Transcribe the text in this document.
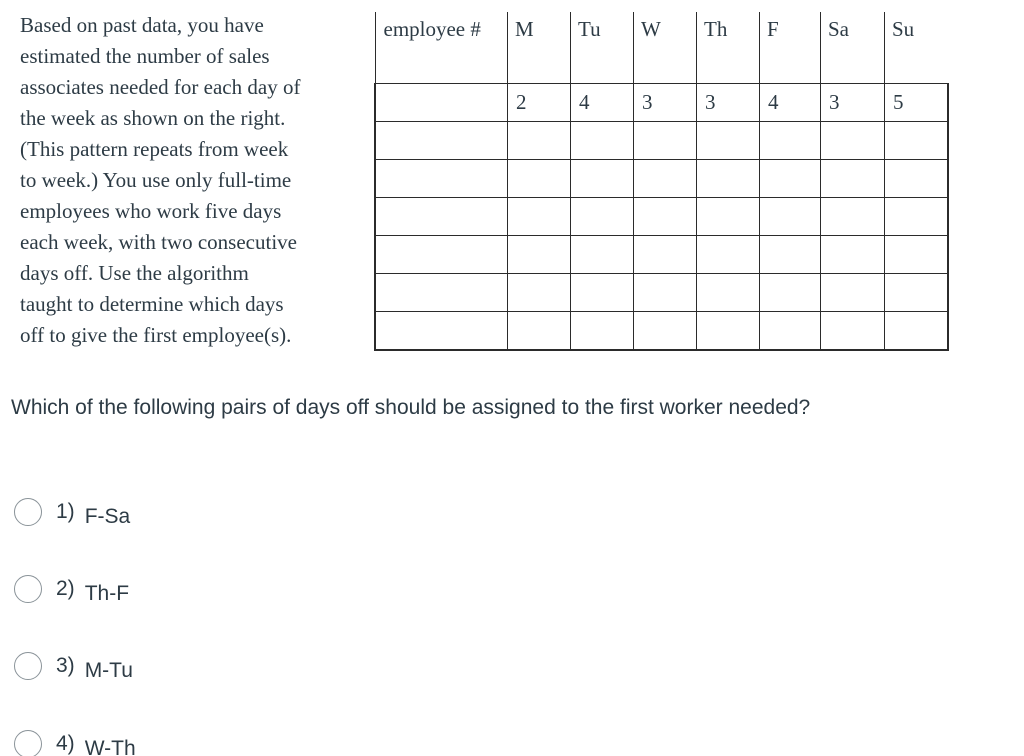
Based on past data, you have
estimated the number of sales
associates needed for each day of
the week as shown on the right.
(This pattern repeats from week
to week.) You use only full-time
employees who work five days
each week, with two consecutive
days off. Use the algorithm
taught to determine which days
off to give the first employee(s).
employee #	M	Tu	W	Th	F	Sa	Su

	2	4	3	3	4	3	5

Which of the following pairs of days off should be assigned to the first worker needed?
1) F-Sa
2) Th-F
3) M-Tu
4) W-Th
